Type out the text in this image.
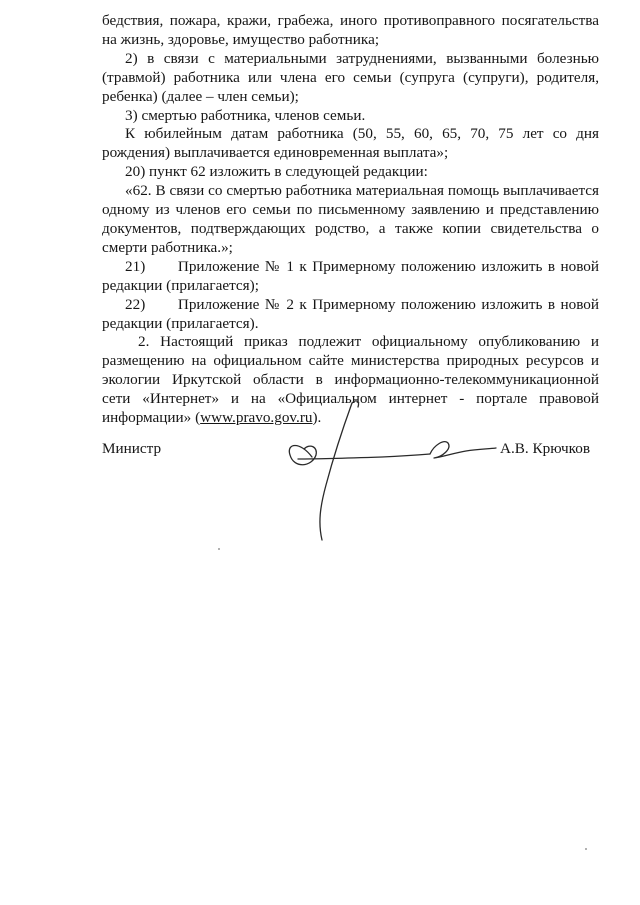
бедствия, пожара, кражи, грабежа, иного противоправного посягательства на жизнь, здоровье, имущество работника;

2) в связи с материальными затруднениями, вызванными болезнью (травмой) работника или члена его семьи (супруга (супруги), родителя, ребенка) (далее – член семьи);

3) смертью работника, членов семьи.

К юбилейным датам работника (50, 55, 60, 65, 70, 75 лет со дня рождения) выплачивается единовременная выплата»;

20) пункт 62 изложить в следующей редакции:

«62. В связи со смертью работника материальная помощь выплачивается одному из членов его семьи по письменному заявлению и представлению документов, подтверждающих родство, а также копии свидетельства о смерти работника.»;

21)      Приложение № 1 к Примерному положению изложить в новой редакции (прилагается);

22)      Приложение № 2 к Примерному положению изложить в новой редакции (прилагается).

2. Настоящий приказ подлежит официальному опубликованию и размещению на официальном сайте министерства природных ресурсов и экологии Иркутской области в информационно-телекоммуникационной сети «Интернет» и на «Официальном интернет - портале правовой информации» (www.pravo.gov.ru).

Министр	А.В. Крючков
